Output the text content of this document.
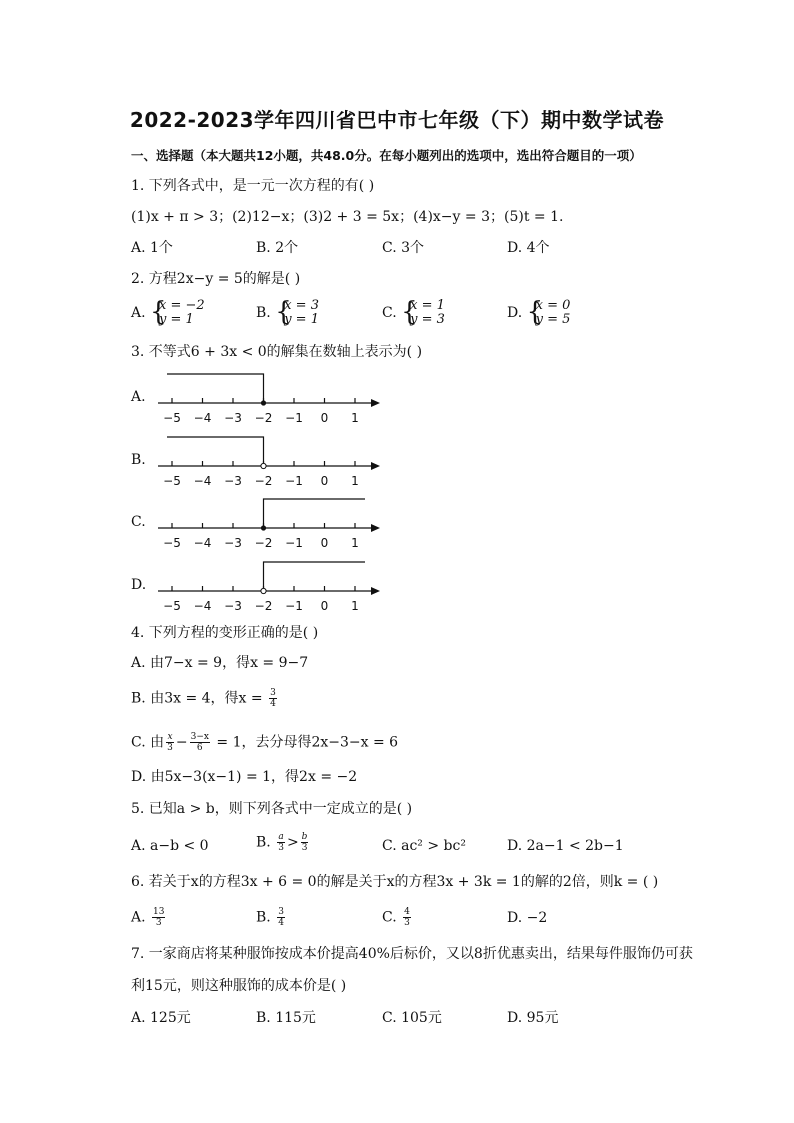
2022-2023学年四川省巴中市七年级（下）期中数学试卷
一、选择题（本大题共12小题，共48.0分。在每小题列出的选项中，选出符合题目的一项）
1. 下列各式中，是一元一次方程的有( )
(1)x + π > 3；(2)12−x；(3)2 + 3 = 5x；(4)x−y = 3；(5)t = 1.
A. 1个	B. 2个	C. 3个	D. 4个
2. 方程2x−y = 5的解是( )
A. {
x = −2
y = 1	B. {
x = 3
y = 1	C. {
x = 1
y = 3	D. {
x = 0
y = 5
3. 不等式6 + 3x < 0的解集在数轴上表示为( )
A.
B.
C.
D.
−5 −4 −3 −2 −1 0 1
−5 −4 −3 −2 −1 0 1
−5 −4 −3 −2 −1 0 1
−5 −4 −3 −2 −1 0 1
4. 下列方程的变形正确的是( )
A. 由7−x = 9，得x = 9−7
B. 由3x = 4，得$x = \frac{3}{4}$
C. 由 $\frac{x}{3} - \frac{3-x}{6} = 1$，去分母得2x−3−x = 6
D. 由5x−3(x−1) = 1，得2x = −2
5. 已知a > b，则下列各式中一定成立的是( )
A. a−b < 0	B. $\frac{a}{3} > \frac{b}{3}$	C. ac² > bc²	D. 2a−1 < 2b−1
6. 若关于x的方程3x + 6 = 0的解是关于x的方程3x + 3k = 1的解的2倍，则k = ( )
A. $\frac{13}{3}$	B. $\frac{3}{4}$	C. $\frac{4}{3}$	D. −2
7. 一家商店将某种服饰按成本价提高40%后标价，又以8折优惠卖出，结果每件服饰仍可获
利15元，则这种服饰的成本价是( )
A. 125元	B. 115元	C. 105元	D. 95元
